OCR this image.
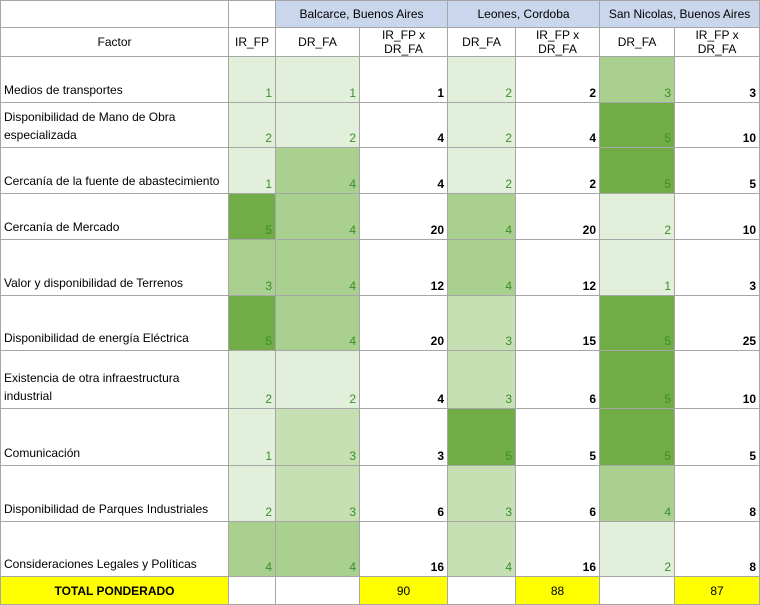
		Balcarce, Buenos Aires		Leones, Cordoba		San Nicolas, Buenos Aires	
Factor	IR_FP	DR_FA	IR_FP x DR_FA	DR_FA	IR_FP x DR_FA	DR_FA	IR_FP x DR_FA
Medios de transportes	1	1	1	2	2	3	3
Disponibilidad de Mano de Obra especializada	2	2	4	2	4	5	10
Cercanía de la fuente de abastecimiento	1	4	4	2	2	5	5
Cercanía de Mercado	5	4	20	4	20	2	10
Valor y disponibilidad de Terrenos	3	4	12	4	12	1	3
Disponibilidad de energía Eléctrica	5	4	20	3	15	5	25
Existencia de otra infraestructura industrial	2	2	4	3	6	5	10
Comunicación	1	3	3	5	5	5	5
Disponibilidad de Parques Industriales	2	3	6	3	6	4	8
Consideraciones Legales y Políticas	4	4	16	4	16	2	8
TOTAL PONDERADO			90		88		87
